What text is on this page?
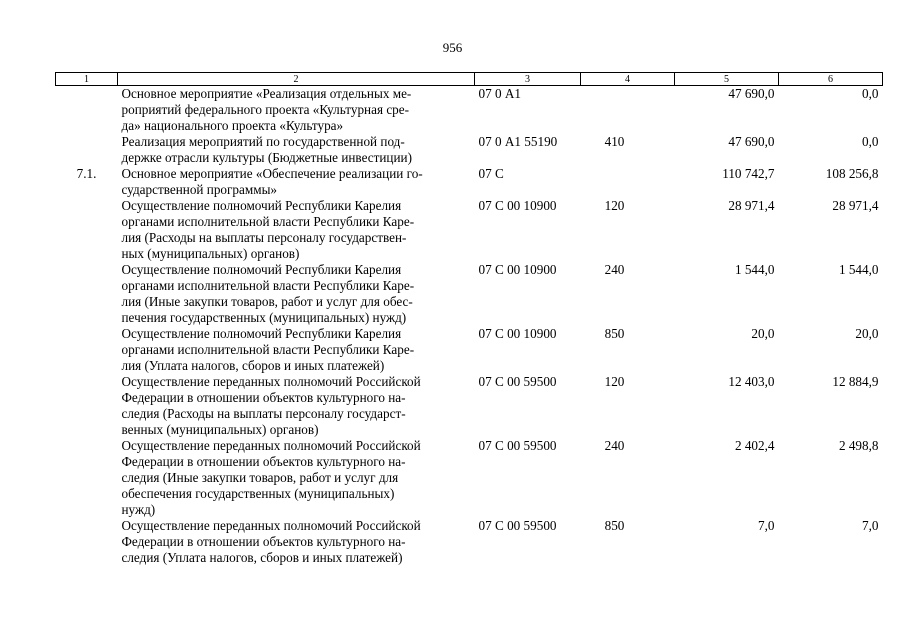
956
1	2	3	4	5	6

	Основное мероприятие «Реализация отдельных ме-
роприятий федерального проекта «Культурная сре-
да» национального проекта «Культура»	07 0 А1		47 690,0	0,0

	Реализация мероприятий по государственной под-
держке отрасли культуры (Бюджетные инвестиции)	07 0 А1 55190	410	47 690,0	0,0
7.1.	Основное мероприятие «Обеспечение реализации го-
сударственной программы»	07 С		110 742,7	108 256,8

	Осуществление полномочий Республики Карелия
органами исполнительной власти Республики Каре-
лия (Расходы на выплаты персоналу государствен-
ных (муниципальных) органов)	07 С 00 10900	120	28 971,4	28 971,4

	Осуществление полномочий Республики Карелия
органами исполнительной власти Республики Каре-
лия (Иные закупки товаров, работ и услуг для обес-
печения государственных (муниципальных) нужд)	07 С 00 10900	240	1 544,0	1 544,0

	Осуществление полномочий Республики Карелия
органами исполнительной власти Республики Каре-
лия (Уплата налогов, сборов и иных платежей)	07 С 00 10900	850	20,0	20,0

	Осуществление переданных полномочий Российской
Федерации в отношении объектов культурного на-
следия (Расходы на выплаты персоналу государст-
венных (муниципальных) органов)	07 С 00 59500	120	12 403,0	12 884,9

	Осуществление переданных полномочий Российской
Федерации в отношении объектов культурного на-
следия (Иные закупки товаров, работ и услуг для
обеспечения государственных (муниципальных)
нужд)	07 С 00 59500	240	2 402,4	2 498,8

	Осуществление переданных полномочий Российской
Федерации в отношении объектов культурного на-
следия (Уплата налогов, сборов и иных платежей)	07 С 00 59500	850	7,0	7,0
